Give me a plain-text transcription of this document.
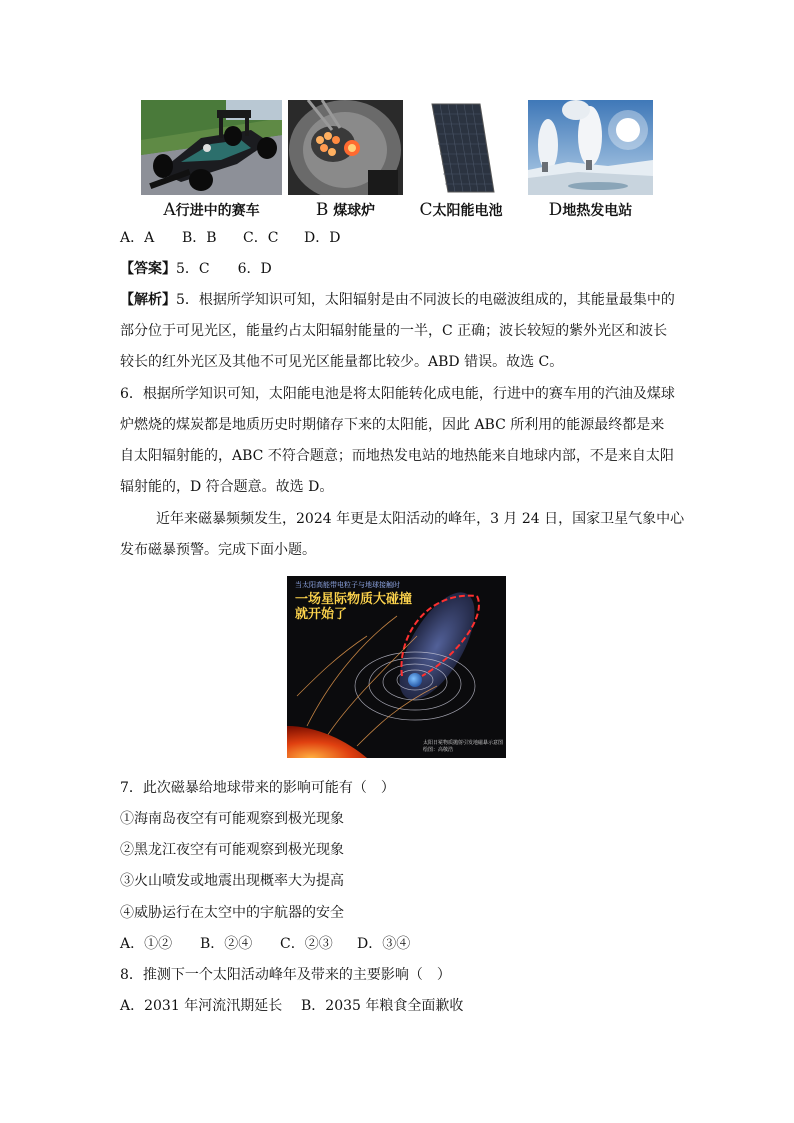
A行进中的赛车	B 煤球炉	C太阳能电池	D地热发电站
A．A B．B C．C D．D
【答案】5．C　　6．D
【解析】5．根据所学知识可知，太阳辐射是由不同波长的电磁波组成的，其能量最集中的
部分位于可见光区，能量约占太阳辐射能量的一半，C 正确；波长较短的紫外光区和波长
较长的红外光区及其他不可见光区能量都比较少。ABD 错误。故选 C。
6．根据所学知识可知，太阳能电池是将太阳能转化成电能，行进中的赛车用的汽油及煤球
炉燃烧的煤炭都是地质历史时期储存下来的太阳能，因此 ABC 所利用的能源最终都是来
自太阳辐射能的，ABC 不符合题意；而地热发电站的地热能来自地球内部，不是来自太阳
辐射能的，D 符合题意。故选 D。
近年来磁暴频频发生，2024 年更是太阳活动的峰年，3 月 24 日，国家卫星气象中心
发布磁暴预警。完成下面小题。
当太阳高能带电粒子与地球接触时
一场星际物质大碰撞
就开始了
太阳日冕物质抛射引发地磁暴示意图
绘图：高敬浩
7．此次磁暴给地球带来的影响可能有（　）
①海南岛夜空有可能观察到极光现象
②黑龙江夜空有可能观察到极光现象
③火山喷发或地震出现概率大为提高
④威胁运行在太空中的宇航器的安全
A．①② B．②④ C．②③ D．③④
8．推测下一个太阳活动峰年及带来的主要影响（　）
A．2031 年河流汛期延长 B．2035 年粮食全面歉收
